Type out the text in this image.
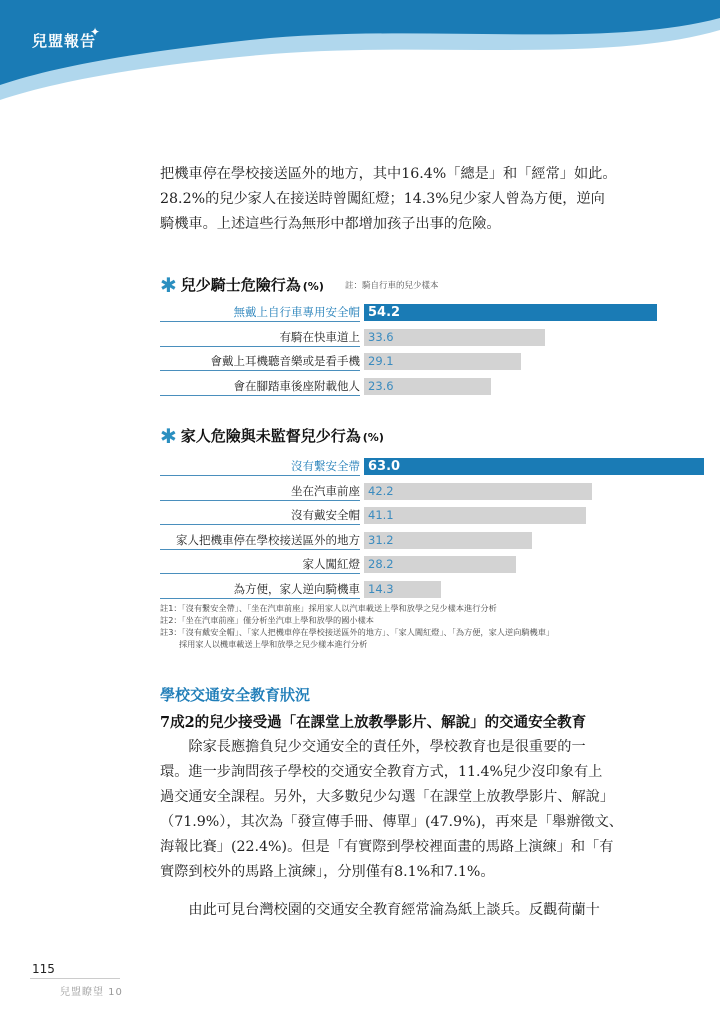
兒盟報告
✦

把機車停在學校接送區外的地方，其中16.4%「總是」和「經常」如此。

28.2%的兒少家人在接送時曾闖紅燈；14.3%兒少家人曾為方便，逆向

騎機車。上述這些行為無形中都增加孩子出事的危險。

✱ 兒少騎士危險行為 (%) 註：騎自行車的兒少樣本
無戴上自行車專用安全帽 54.2
有騎在快車道上 33.6
會戴上耳機聽音樂或是看手機 29.1
會在腳踏車後座附載他人 23.6
✱ 家人危險與未監督兒少行為 (%)
沒有繫安全帶 63.0
坐在汽車前座 42.2
沒有戴安全帽 41.1
家人把機車停在學校接送區外的地方 31.2
家人闖紅燈 28.2
為方便，家人逆向騎機車 14.3
註1：「沒有繫安全帶」、「坐在汽車前座」採用家人以汽車載送上學和放學之兒少樣本進行分析
註2：「坐在汽車前座」僅分析坐汽車上學和放學的國小樣本
註3：「沒有戴安全帽」、「家人把機車停在學校接送區外的地方」、「家人闖紅燈」、「為方便，家人逆向騎機車」
　　 採用家人以機車載送上學和放學之兒少樣本進行分析
學校交通安全教育狀況
7成2的兒少接受過「在課堂上放教學影片、解說」的交通安全教育

　　除家長應擔負兒少交通安全的責任外，學校教育也是很重要的一

環。進一步詢問孩子學校的交通安全教育方式，11.4%兒少沒印象有上

過交通安全課程。另外，大多數兒少勾選「在課堂上放教學影片、解說」

（71.9%），其次為「發宣傳手冊、傳單」(47.9%)，再來是「舉辦徵文、

海報比賽」(22.4%)。但是「有實際到學校裡面畫的馬路上演練」和「有

實際到校外的馬路上演練」，分別僅有8.1%和7.1%。

　　由此可見台灣校園的交通安全教育經常淪為紙上談兵。反觀荷蘭十

115
兒盟瞭望 10
